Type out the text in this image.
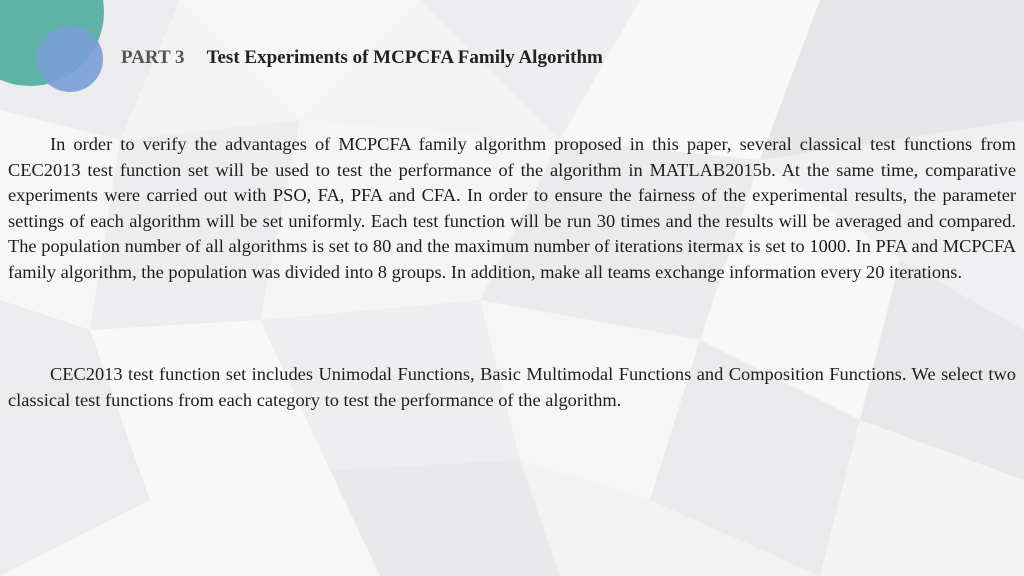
PART 3 Test Experiments of MCPCFA Family Algorithm

In order to verify the advantages of MCPCFA family algorithm proposed in this paper, several classical test functions from CEC2013 test function set will be used to test the performance of the algorithm in MATLAB2015b. At the same time, comparative experiments were carried out with PSO, FA, PFA and CFA. In order to ensure the fairness of the experimental results, the parameter settings of each algorithm will be set uniformly. Each test function will be run 30 times and the results will be averaged and compared. The population number of all algorithms is set to 80 and the maximum number of iterations itermax is set to 1000. In PFA and MCPCFA family algorithm, the population was divided into 8 groups. In addition, make all teams exchange information every 20 iterations.

CEC2013 test function set includes Unimodal Functions, Basic Multimodal Functions and Composition Functions. We select two classical test functions from each category to test the performance of the algorithm.
